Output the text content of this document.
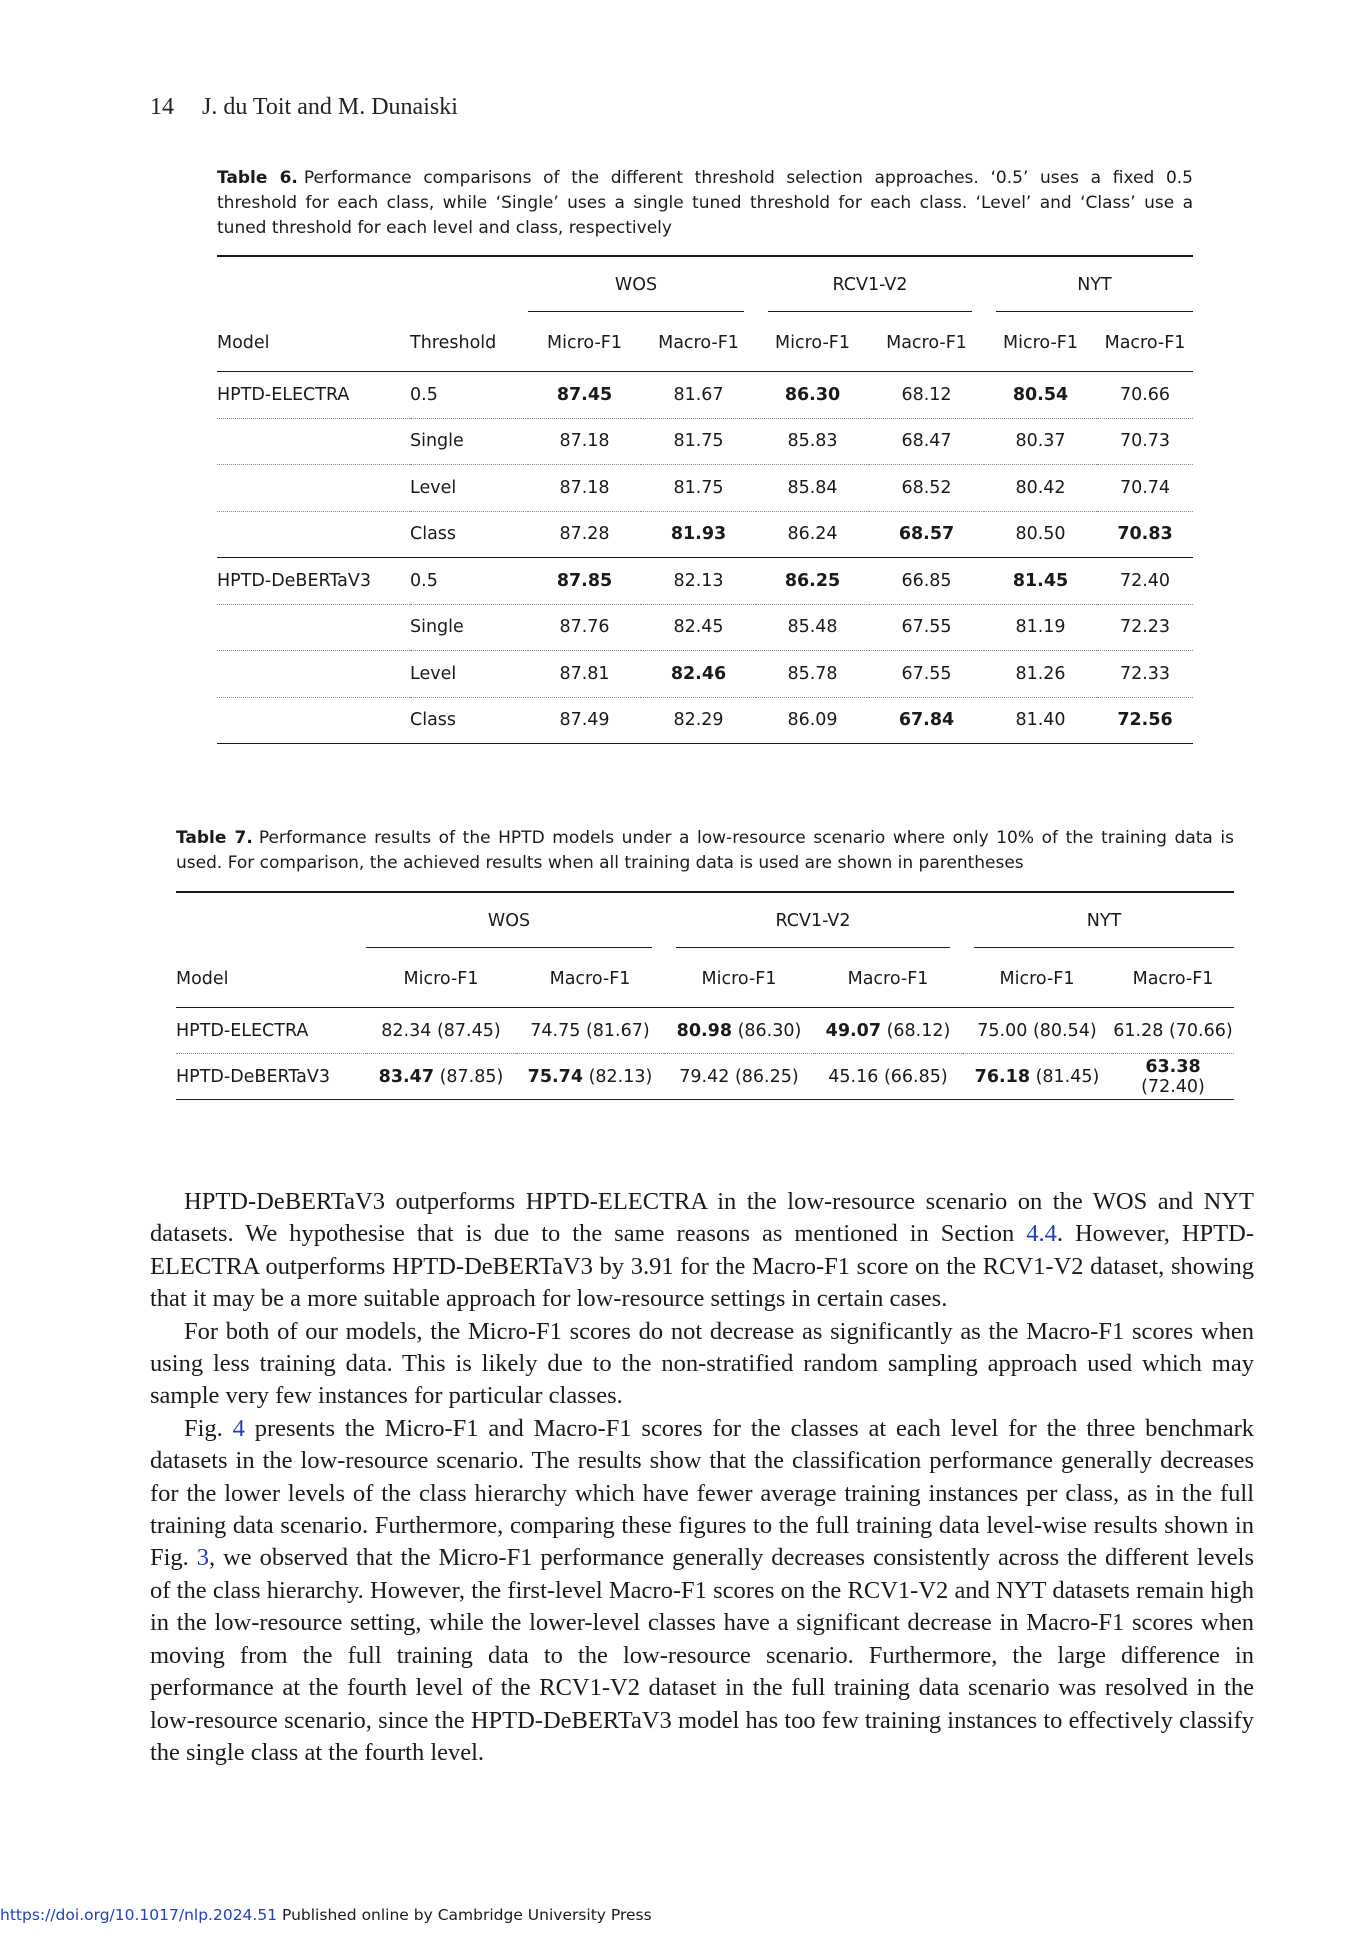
14 J. du Toit and M. Dunaiski
Table 6. Performance comparisons of the different threshold selection approaches. ‘0.5’ uses a fixed 0.5 threshold for each class, while ‘Single’ uses a single tuned threshold for each class. ‘Level’ and ‘Class’ use a tuned threshold for each level and class, respectively

		WOS		RCV1-V2		NYT	

Model	Threshold	Micro-F1	Macro-F1	Micro-F1	Macro-F1	Micro-F1	Macro-F1
HPTD-ELECTRA	0.5	87.45	81.67	86.30	68.12	80.54	70.66
	Single	87.18	81.75	85.83	68.47	80.37	70.73
	Level	87.18	81.75	85.84	68.52	80.42	70.74
	Class	87.28	81.93	86.24	68.57	80.50	70.83
HPTD-DeBERTaV3	0.5	87.85	82.13	86.25	66.85	81.45	72.40
	Single	87.76	82.45	85.48	67.55	81.19	72.23
	Level	87.81	82.46	85.78	67.55	81.26	72.33
	Class	87.49	82.29	86.09	67.84	81.40	72.56
Table 7. Performance results of the HPTD models under a low-resource scenario where only 10% of the training data is used. For comparison, the achieved results when all training data is used are shown in parentheses

	WOS		RCV1-V2		NYT	

Model	Micro-F1	Macro-F1	Micro-F1	Macro-F1	Micro-F1	Macro-F1
HPTD-ELECTRA	82.34 (87.45)	74.75 (81.67)	80.98 (86.30)	49.07 (68.12)	75.00 (80.54)	61.28 (70.66)
HPTD-DeBERTaV3	83.47 (87.85)	75.74 (82.13)	79.42 (86.25)	45.16 (66.85)	76.18 (81.45)	63.38 (72.40)

HPTD-DeBERTaV3 outperforms HPTD-ELECTRA in the low-resource scenario on the WOS and NYT datasets. We hypothesise that is due to the same reasons as mentioned in Section 4.4. However, HPTD-ELECTRA outperforms HPTD-DeBERTaV3 by 3.91 for the Macro-F1 score on the RCV1-V2 dataset, showing that it may be a more suitable approach for low-resource settings in certain cases.

For both of our models, the Micro-F1 scores do not decrease as significantly as the Macro-F1 scores when using less training data. This is likely due to the non-stratified random sampling approach used which may sample very few instances for particular classes.

Fig. 4 presents the Micro-F1 and Macro-F1 scores for the classes at each level for the three benchmark datasets in the low-resource scenario. The results show that the classification performance generally decreases for the lower levels of the class hierarchy which have fewer average training instances per class, as in the full training data scenario. Furthermore, comparing these figures to the full training data level-wise results shown in Fig. 3, we observed that the Micro-F1 performance generally decreases consistently across the different levels of the class hierarchy. However, the first-level Macro-F1 scores on the RCV1-V2 and NYT datasets remain high in the low-resource setting, while the lower-level classes have a significant decrease in Macro-F1 scores when moving from the full training data to the low-resource scenario. Furthermore, the large difference in performance at the fourth level of the RCV1-V2 dataset in the full training data scenario was resolved in the low-resource scenario, since the HPTD-DeBERTaV3 model has too few training instances to effectively classify the single class at the fourth level.

https://doi.org/10.1017/nlp.2024.51 Published online by Cambridge University Press
